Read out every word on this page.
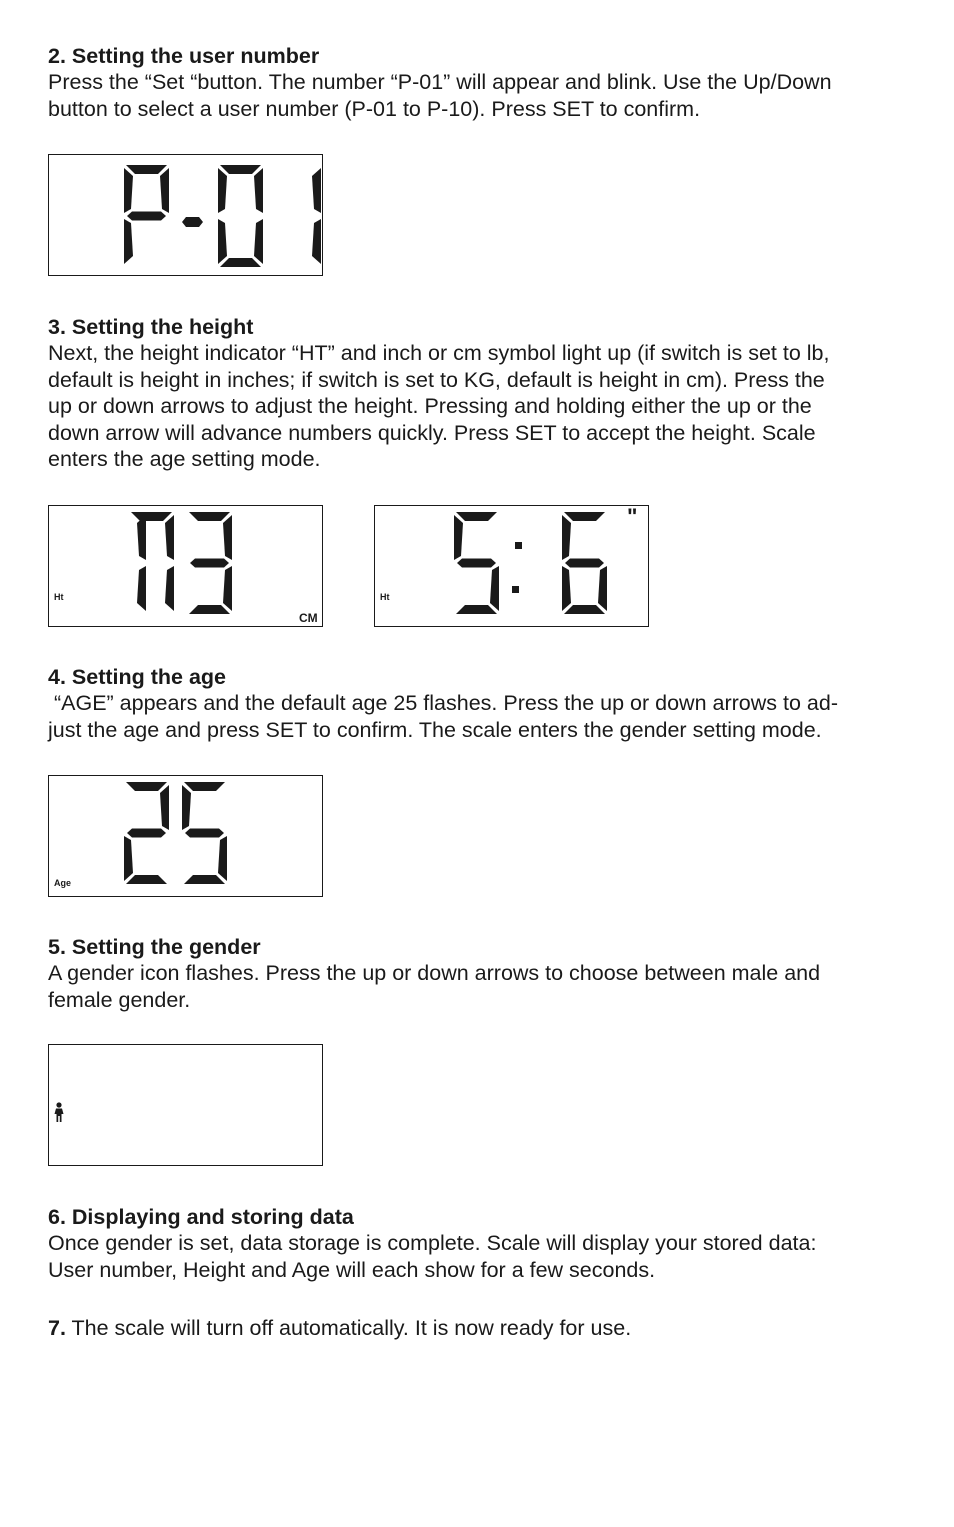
2. Setting the user number

Press the “Set “button. The number “P-01” will appear and blink. Use the Up/Down

button to select a user number (P-01 to P-10). Press SET to confirm.

3. Setting the height

Next, the height indicator “HT” and inch or cm symbol light up (if switch is set to lb,

default is height in inches; if switch is set to KG, default is height in cm). Press the

up or down arrows to adjust the height. Pressing and holding either the up or the

down arrow will advance numbers quickly. Press SET to accept the height. Scale

enters the age setting mode.

Ht
CM
Ht
"

4. Setting the age

“AGE” appears and the default age 25 flashes. Press the up or down arrows to ad-

just the age and press SET to confirm. The scale enters the gender setting mode.

Age

5. Setting the gender

A gender icon flashes. Press the up or down arrows to choose between male and

female gender.

6. Displaying and storing data

Once gender is set, data storage is complete. Scale will display your stored data:

User number, Height and Age will each show for a few seconds.

7. The scale will turn off automatically. It is now ready for use.
